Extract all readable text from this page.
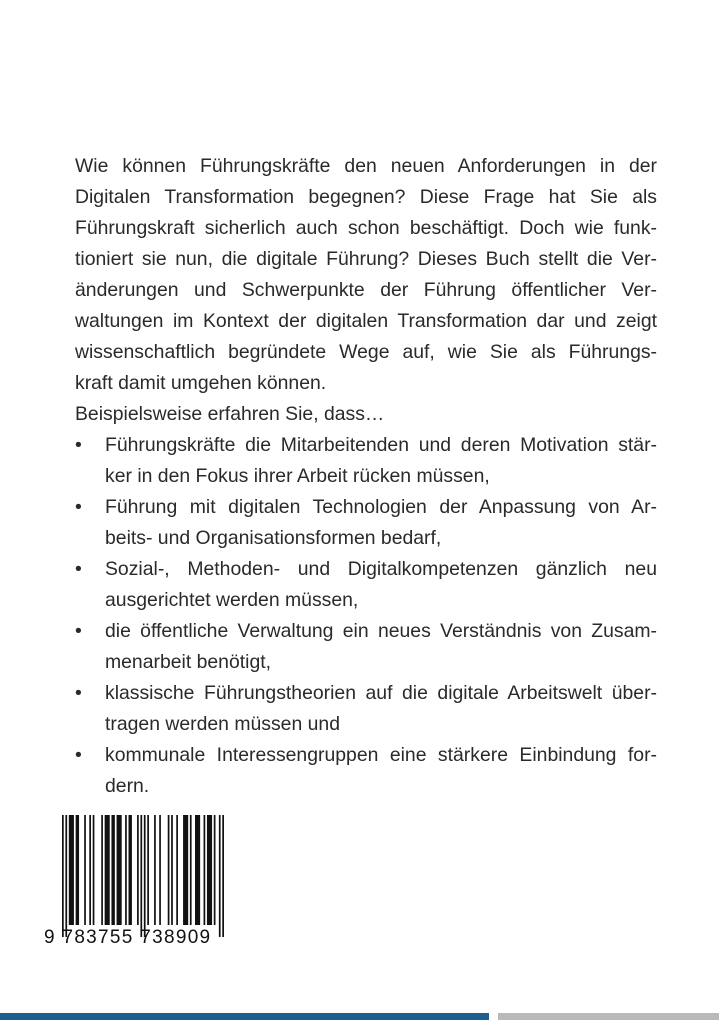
Wie können Führungskräfte den neuen Anforderungen in der
Digitalen Transformation begegnen? Diese Frage hat Sie als
Führungskraft sicherlich auch schon beschäftigt. Doch wie funk-
tioniert sie nun, die digitale Führung? Dieses Buch stellt die Ver-
änderungen und Schwerpunkte der Führung öffentlicher Ver-
waltungen im Kontext der digitalen Transformation dar und zeigt
wissenschaftlich begründete Wege auf, wie Sie als Führungs-
kraft damit umgehen können.
Beispielsweise erfahren Sie, dass…
• Führungskräfte die Mitarbeitenden und deren Motivation stär-
ker in den Fokus ihrer Arbeit rücken müssen,
• Führung mit digitalen Technologien der Anpassung von Ar-
beits- und Organisationsformen bedarf,
• Sozial-, Methoden- und Digitalkompetenzen gänzlich neu
ausgerichtet werden müssen,
• die öffentliche Verwaltung ein neues Verständnis von Zusam-
menarbeit benötigt,
• klassische Führungstheorien auf die digitale Arbeitswelt über-
tragen werden müssen und
• kommunale Interessengruppen eine stärkere Einbindung for-
dern.
9 783755 738909
